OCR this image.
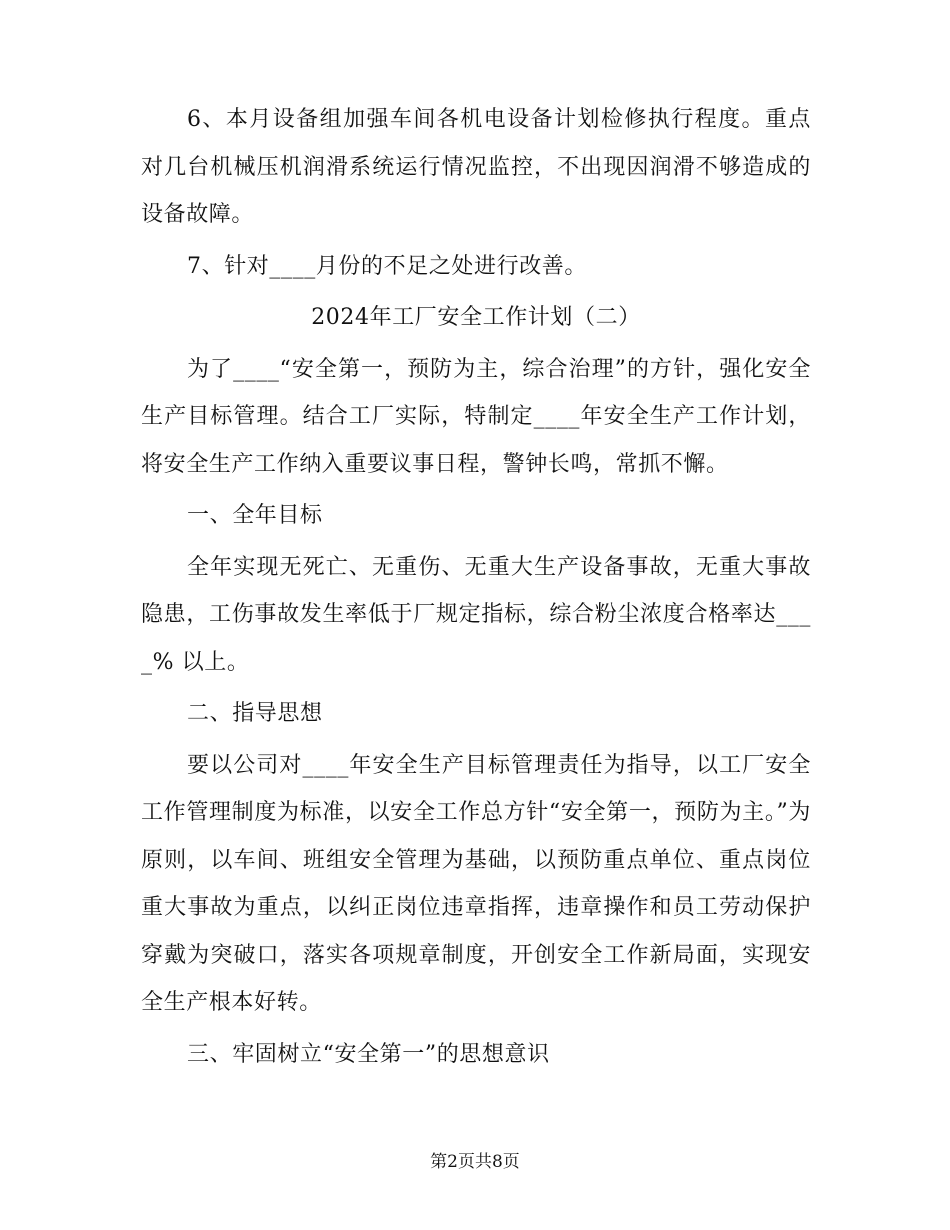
6、本月设备组加强车间各机电设备计划检修执行程度。重点对几台机械压机润滑系统运行情况监控，不出现因润滑不够造成的设备故障。

7、针对____月份的不足之处进行改善。

2024年工厂安全工作计划（二）

为了____“安全第一，预防为主，综合治理”的方针，强化安全生产目标管理。结合工厂实际，特制定____年安全生产工作计划，将安全生产工作纳入重要议事日程，警钟长鸣，常抓不懈。

一、全年目标

全年实现无死亡、无重伤、无重大生产设备事故，无重大事故隐患，工伤事故发生率低于厂规定指标，综合粉尘浓度合格率达____% 以上。

二、指导思想

要以公司对____年安全生产目标管理责任为指导，以工厂安全工作管理制度为标准，以安全工作总方针“安全第一，预防为主。”为原则，以车间、班组安全管理为基础，以预防重点单位、重点岗位重大事故为重点，以纠正岗位违章指挥，违章操作和员工劳动保护穿戴为突破口，落实各项规章制度，开创安全工作新局面，实现安全生产根本好转。

三、牢固树立“安全第一”的思想意识

第2页共8页
